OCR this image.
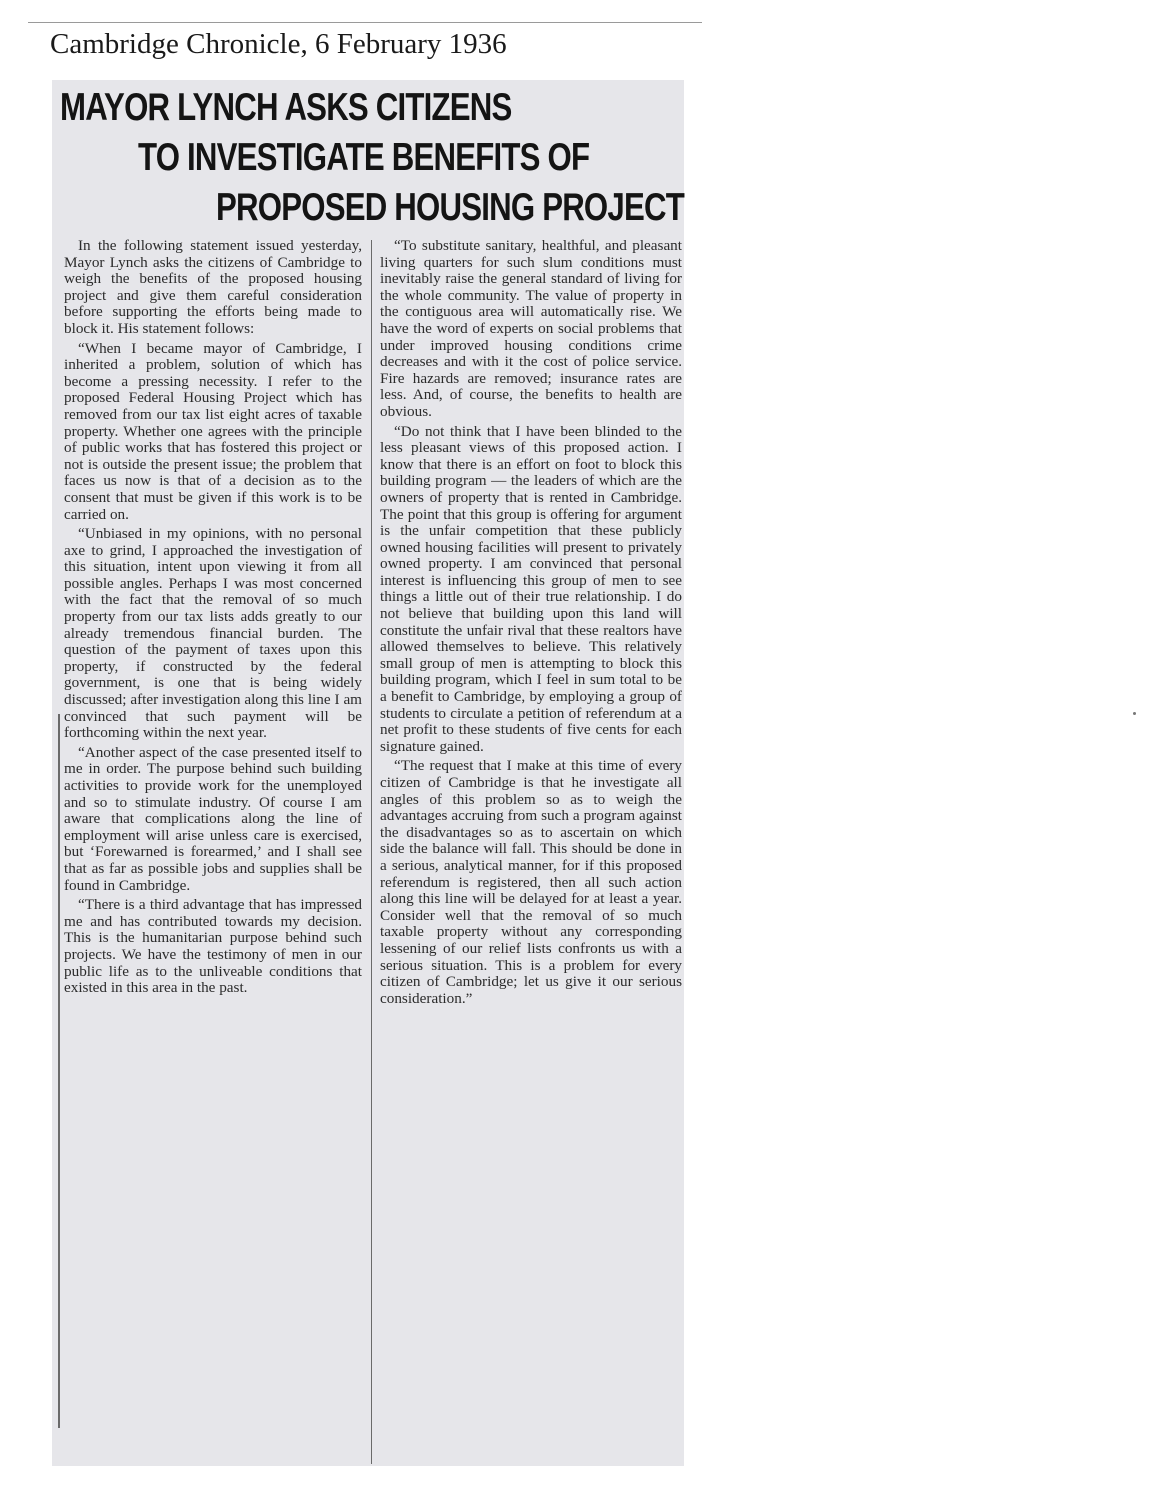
Cambridge Chronicle, 6 February 1936
MAYOR LYNCH ASKS CITIZENS
TO INVESTIGATE BENEFITS OF
PROPOSED HOUSING PROJECT

In the following statement issued yesterday, Mayor Lynch asks the citizens of Cambridge to weigh the benefits of the proposed housing project and give them careful consideration before supporting the efforts being made to block it. His statement follows:

“When I became mayor of Cambridge, I inherited a problem, solution of which has become a pressing necessity. I refer to the proposed Federal Housing Project which has removed from our tax list eight acres of taxable property. Whether one agrees with the principle of public works that has fostered this project or not is outside the present issue; the problem that faces us now is that of a decision as to the consent that must be given if this work is to be carried on.

“Unbiased in my opinions, with no personal axe to grind, I approached the investigation of this situation, intent upon viewing it from all possible angles. Perhaps I was most concerned with the fact that the removal of so much property from our tax lists adds greatly to our already tremendous financial burden. The question of the payment of taxes upon this property, if constructed by the federal government, is one that is being widely discussed; after investigation along this line I am convinced that such payment will be forthcoming within the next year.

“Another aspect of the case presented itself to me in order. The purpose behind such building activities to provide work for the unemployed and so to stimulate industry. Of course I am aware that complications along the line of employment will arise unless care is exercised, but ‘Forewarned is forearmed,’ and I shall see that as far as possible jobs and supplies shall be found in Cambridge.

“There is a third advantage that has impressed me and has contributed towards my decision. This is the humanitarian purpose behind such projects. We have the testimony of men in our public life as to the unliveable conditions that existed in this area in the past.

“To substitute sanitary, healthful, and pleasant living quarters for such slum conditions must inevitably raise the general standard of living for the whole community. The value of property in the contiguous area will automatically rise. We have the word of experts on social problems that under improved housing conditions crime decreases and with it the cost of police service. Fire hazards are removed; insurance rates are less. And, of course, the benefits to health are obvious.

“Do not think that I have been blinded to the less pleasant views of this proposed action. I know that there is an effort on foot to block this building program — the leaders of which are the owners of property that is rented in Cambridge. The point that this group is offering for argument is the unfair competition that these publicly owned housing facilities will present to privately owned property. I am convinced that personal interest is influencing this group of men to see things a little out of their true relationship. I do not believe that building upon this land will constitute the unfair rival that these realtors have allowed themselves to believe. This relatively small group of men is attempting to block this building program, which I feel in sum total to be a benefit to Cambridge, by employing a group of students to circulate a petition of referendum at a net profit to these students of five cents for each signature gained.

“The request that I make at this time of every citizen of Cambridge is that he investigate all angles of this problem so as to weigh the advantages accruing from such a program against the disadvantages so as to ascertain on which side the balance will fall. This should be done in a serious, analytical manner, for if this proposed referendum is registered, then all such action along this line will be delayed for at least a year. Consider well that the removal of so much taxable property without any corresponding lessening of our relief lists confronts us with a serious situation. This is a problem for every citizen of Cambridge; let us give it our serious consideration.”
